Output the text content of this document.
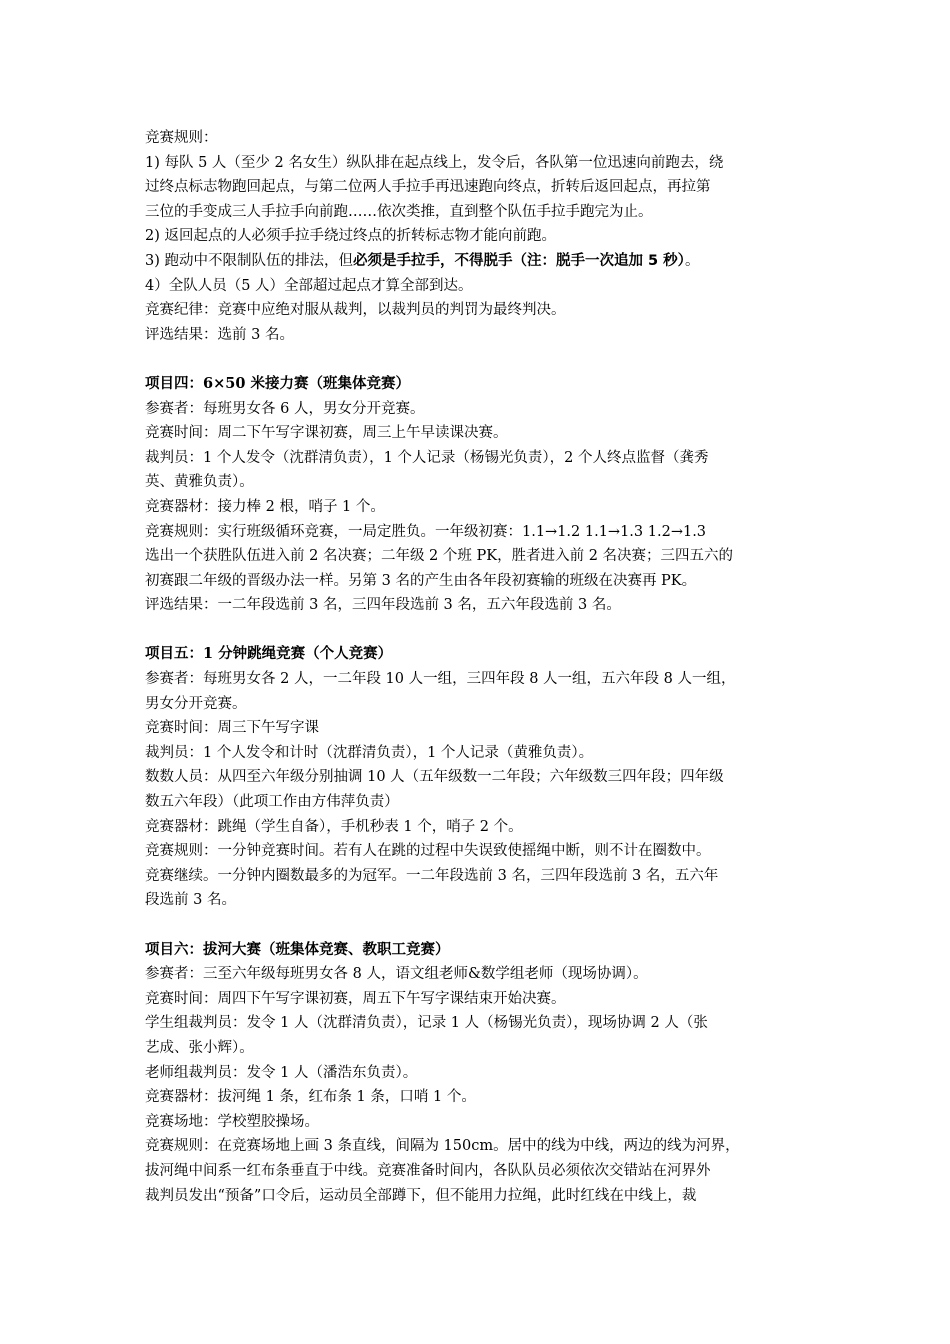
竞赛规则：
1) 每队 5 人（至少 2 名女生）纵队排在起点线上，发令后，各队第一位迅速向前跑去，绕
过终点标志物跑回起点，与第二位两人手拉手再迅速跑向终点，折转后返回起点，再拉第
三位的手变成三人手拉手向前跑……依次类推，直到整个队伍手拉手跑完为止。
2) 返回起点的人必须手拉手绕过终点的折转标志物才能向前跑。
3) 跑动中不限制队伍的排法，但必须是手拉手，不得脱手（注：脱手一次追加 5 秒）。
4）全队人员（5 人）全部超过起点才算全部到达。
竞赛纪律：竞赛中应绝对服从裁判，以裁判员的判罚为最终判决。
评选结果：选前 3 名。
项目四：6×50 米接力赛（班集体竞赛）
参赛者：每班男女各 6 人，男女分开竞赛。
竞赛时间：周二下午写字课初赛，周三上午早读课决赛。
裁判员：1 个人发令（沈群清负责），1 个人记录（杨锡光负责），2 个人终点监督（龚秀
英、黄雅负责）。
竞赛器材：接力棒 2 根，哨子 1 个。
竞赛规则：实行班级循环竞赛，一局定胜负。一年级初赛：1.1→1.2 1.1→1.3 1.2→1.3
选出一个获胜队伍进入前 2 名决赛；二年级 2 个班 PK，胜者进入前 2 名决赛；三四五六的
初赛跟二年级的晋级办法一样。另第 3 名的产生由各年段初赛输的班级在决赛再 PK。
评选结果：一二年段选前 3 名，三四年段选前 3 名，五六年段选前 3 名。
项目五：1 分钟跳绳竞赛（个人竞赛）
参赛者：每班男女各 2 人，一二年段 10 人一组，三四年段 8 人一组，五六年段 8 人一组，
男女分开竞赛。
竞赛时间：周三下午写字课
裁判员：1 个人发令和计时（沈群清负责），1 个人记录（黄雅负责）。
数数人员：从四至六年级分别抽调 10 人（五年级数一二年段；六年级数三四年段；四年级
数五六年段）（此项工作由方伟萍负责）
竞赛器材：跳绳（学生自备），手机秒表 1 个，哨子 2 个。
竞赛规则：一分钟竞赛时间。若有人在跳的过程中失误致使摇绳中断，则不计在圈数中。
竞赛继续。一分钟内圈数最多的为冠军。一二年段选前 3 名，三四年段选前 3 名，五六年
段选前 3 名。
项目六：拔河大赛（班集体竞赛、教职工竞赛）
参赛者：三至六年级每班男女各 8 人，语文组老师&数学组老师（现场协调）。
竞赛时间：周四下午写字课初赛，周五下午写字课结束开始决赛。
学生组裁判员：发令 1 人（沈群清负责），记录 1 人（杨锡光负责），现场协调 2 人（张
艺成、张小辉）。
老师组裁判员：发令 1 人（潘浩东负责）。
竞赛器材：拔河绳 1 条，红布条 1 条，口哨 1 个。
竞赛场地：学校塑胶操场。
竞赛规则：在竞赛场地上画 3 条直线，间隔为 150cm。居中的线为中线，两边的线为河界，
拔河绳中间系一红布条垂直于中线。竞赛准备时间内，各队队员必须依次交错站在河界外
裁判员发出“预备”口令后，运动员全部蹲下，但不能用力拉绳，此时红线在中线上，裁
